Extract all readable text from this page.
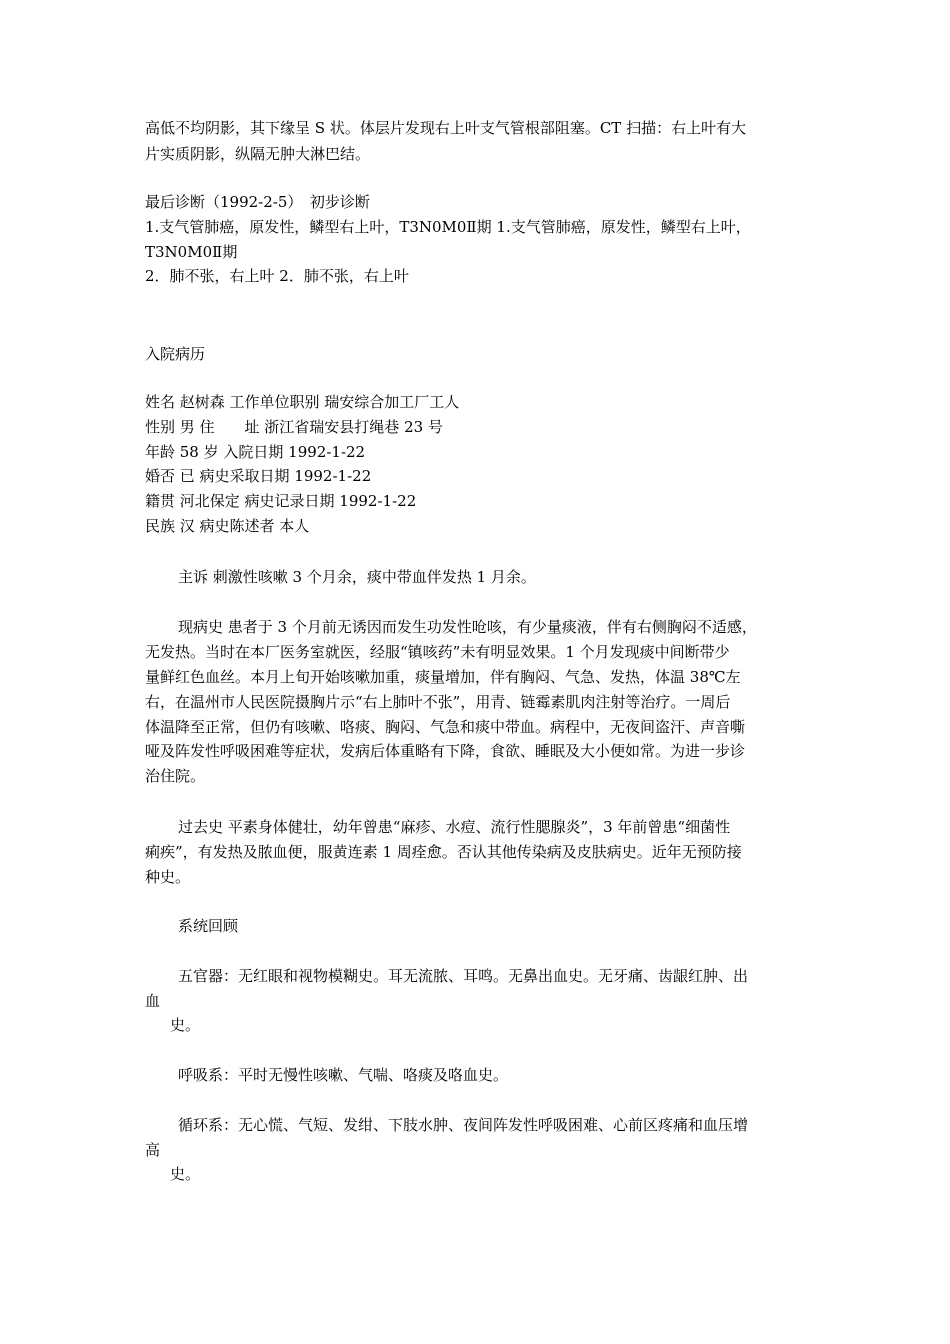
高低不均阴影，其下缘呈 S 状。体层片发现右上叶支气管根部阻塞。CT 扫描：右上叶有大

片实质阴影，纵隔无肿大淋巴结。

最后诊断（1992-2-5）　初步诊断

1.支气管肺癌，原发性，鳞型右上叶，T3N0M0Ⅱ期 1.支气管肺癌，原发性，鳞型右上叶，

T3N0M0Ⅱ期

2．肺不张，右上叶 2．肺不张，右上叶

入院病历

姓名 赵树森 工作单位职别 瑞安综合加工厂工人

性别 男 住　　址 浙江省瑞安县打绳巷 23 号

年龄 58 岁 入院日期 1992-1-22

婚否 已 病史采取日期 1992-1-22

籍贯 河北保定 病史记录日期 1992-1-22

民族 汉 病史陈述者 本人

主诉 刺激性咳嗽 3 个月余，痰中带血伴发热 1 月余。

现病史 患者于 3 个月前无诱因而发生功发性呛咳，有少量痰液，伴有右侧胸闷不适感，

无发热。当时在本厂医务室就医，经服“镇咳药”未有明显效果。1 个月发现痰中间断带少

量鲜红色血丝。本月上旬开始咳嗽加重，痰量增加，伴有胸闷、气急、发热，体温 38℃左

右，在温州市人民医院摄胸片示“右上肺叶不张”，用青、链霉素肌肉注射等治疗。一周后

体温降至正常，但仍有咳嗽、咯痰、胸闷、气急和痰中带血。病程中，无夜间盗汗、声音嘶

哑及阵发性呼吸困难等症状，发病后体重略有下降，食欲、睡眠及大小便如常。为进一步诊

治住院。

过去史 平素身体健壮，幼年曾患“麻疹、水痘、流行性腮腺炎”，3 年前曾患“细菌性

痢疾”，有发热及脓血便，服黄连素 1 周痊愈。否认其他传染病及皮肤病史。近年无预防接

种史。

系统回顾

五官器：无红眼和视物模糊史。耳无流脓、耳鸣。无鼻出血史。无牙痛、齿龈红肿、出

血

史。

呼吸系：平时无慢性咳嗽、气喘、咯痰及咯血史。

循环系：无心慌、气短、发绀、下肢水肿、夜间阵发性呼吸困难、心前区疼痛和血压增

高

史。
